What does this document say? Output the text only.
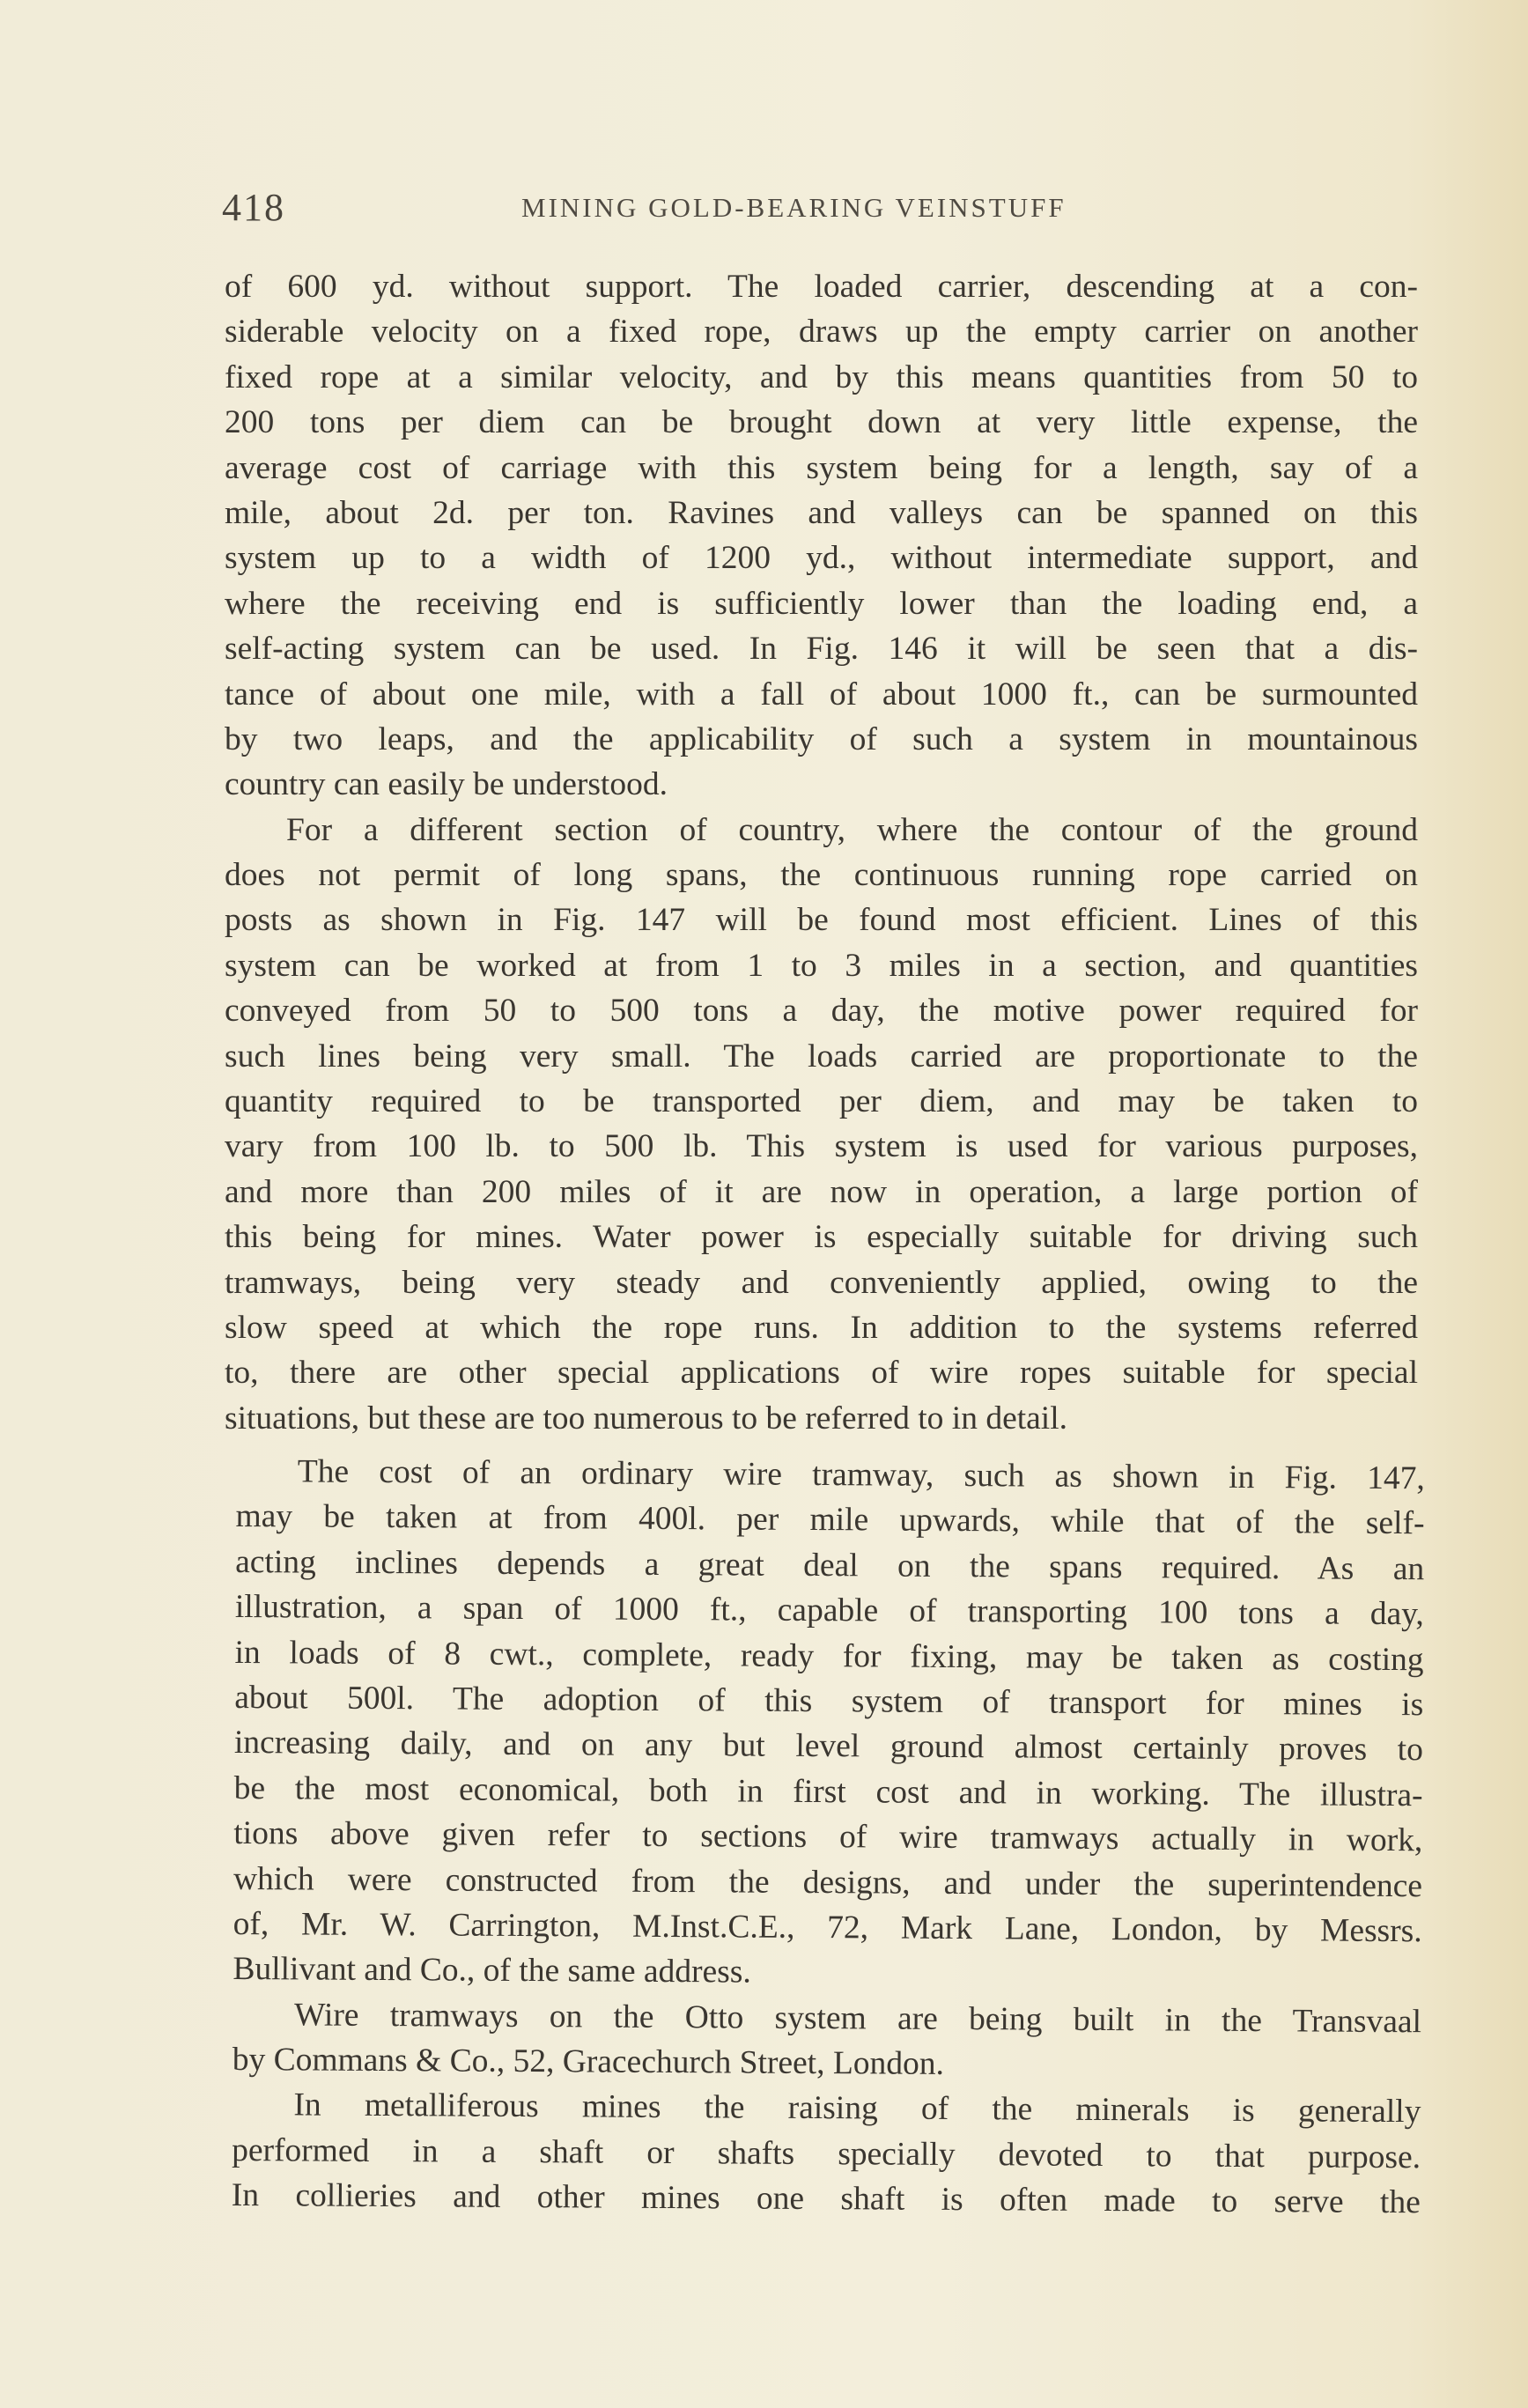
418	MINING GOLD-BEARING VEINSTUFF
of 600 yd. without support. The loaded carrier, descending at a con-
siderable velocity on a fixed rope, draws up the empty carrier on another
fixed rope at a similar velocity, and by this means quantities from 50 to
200 tons per diem can be brought down at very little expense, the
average cost of carriage with this system being for a length, say of a
mile, about 2d. per ton. Ravines and valleys can be spanned on this
system up to a width of 1200 yd., without intermediate support, and
where the receiving end is sufficiently lower than the loading end, a
self-acting system can be used. In Fig. 146 it will be seen that a dis-
tance of about one mile, with a fall of about 1000 ft., can be surmounted
by two leaps, and the applicability of such a system in mountainous
country can easily be understood.
For a different section of country, where the contour of the ground
does not permit of long spans, the continuous running rope carried on
posts as shown in Fig. 147 will be found most efficient. Lines of this
system can be worked at from 1 to 3 miles in a section, and quantities
conveyed from 50 to 500 tons a day, the motive power required for
such lines being very small. The loads carried are proportionate to the
quantity required to be transported per diem, and may be taken to
vary from 100 lb. to 500 lb. This system is used for various purposes,
and more than 200 miles of it are now in operation, a large portion of
this being for mines. Water power is especially suitable for driving such
tramways, being very steady and conveniently applied, owing to the
slow speed at which the rope runs. In addition to the systems referred
to, there are other special applications of wire ropes suitable for special
situations, but these are too numerous to be referred to in detail.
The cost of an ordinary wire tramway, such as shown in Fig. 147,
may be taken at from 400l. per mile upwards, while that of the self-
acting inclines depends a great deal on the spans required. As an
illustration, a span of 1000 ft., capable of transporting 100 tons a day,
in loads of 8 cwt., complete, ready for fixing, may be taken as costing
about 500l. The adoption of this system of transport for mines is
increasing daily, and on any but level ground almost certainly proves to
be the most economical, both in first cost and in working. The illustra-
tions above given refer to sections of wire tramways actually in work,
which were constructed from the designs, and under the superintendence
of, Mr. W. Carrington, M.Inst.C.E., 72, Mark Lane, London, by Messrs.
Bullivant and Co., of the same address.
Wire tramways on the Otto system are being built in the Transvaal
by Commans & Co., 52, Gracechurch Street, London.
In metalliferous mines the raising of the minerals is generally
performed in a shaft or shafts specially devoted to that purpose.
In collieries and other mines one shaft is often made to serve the
